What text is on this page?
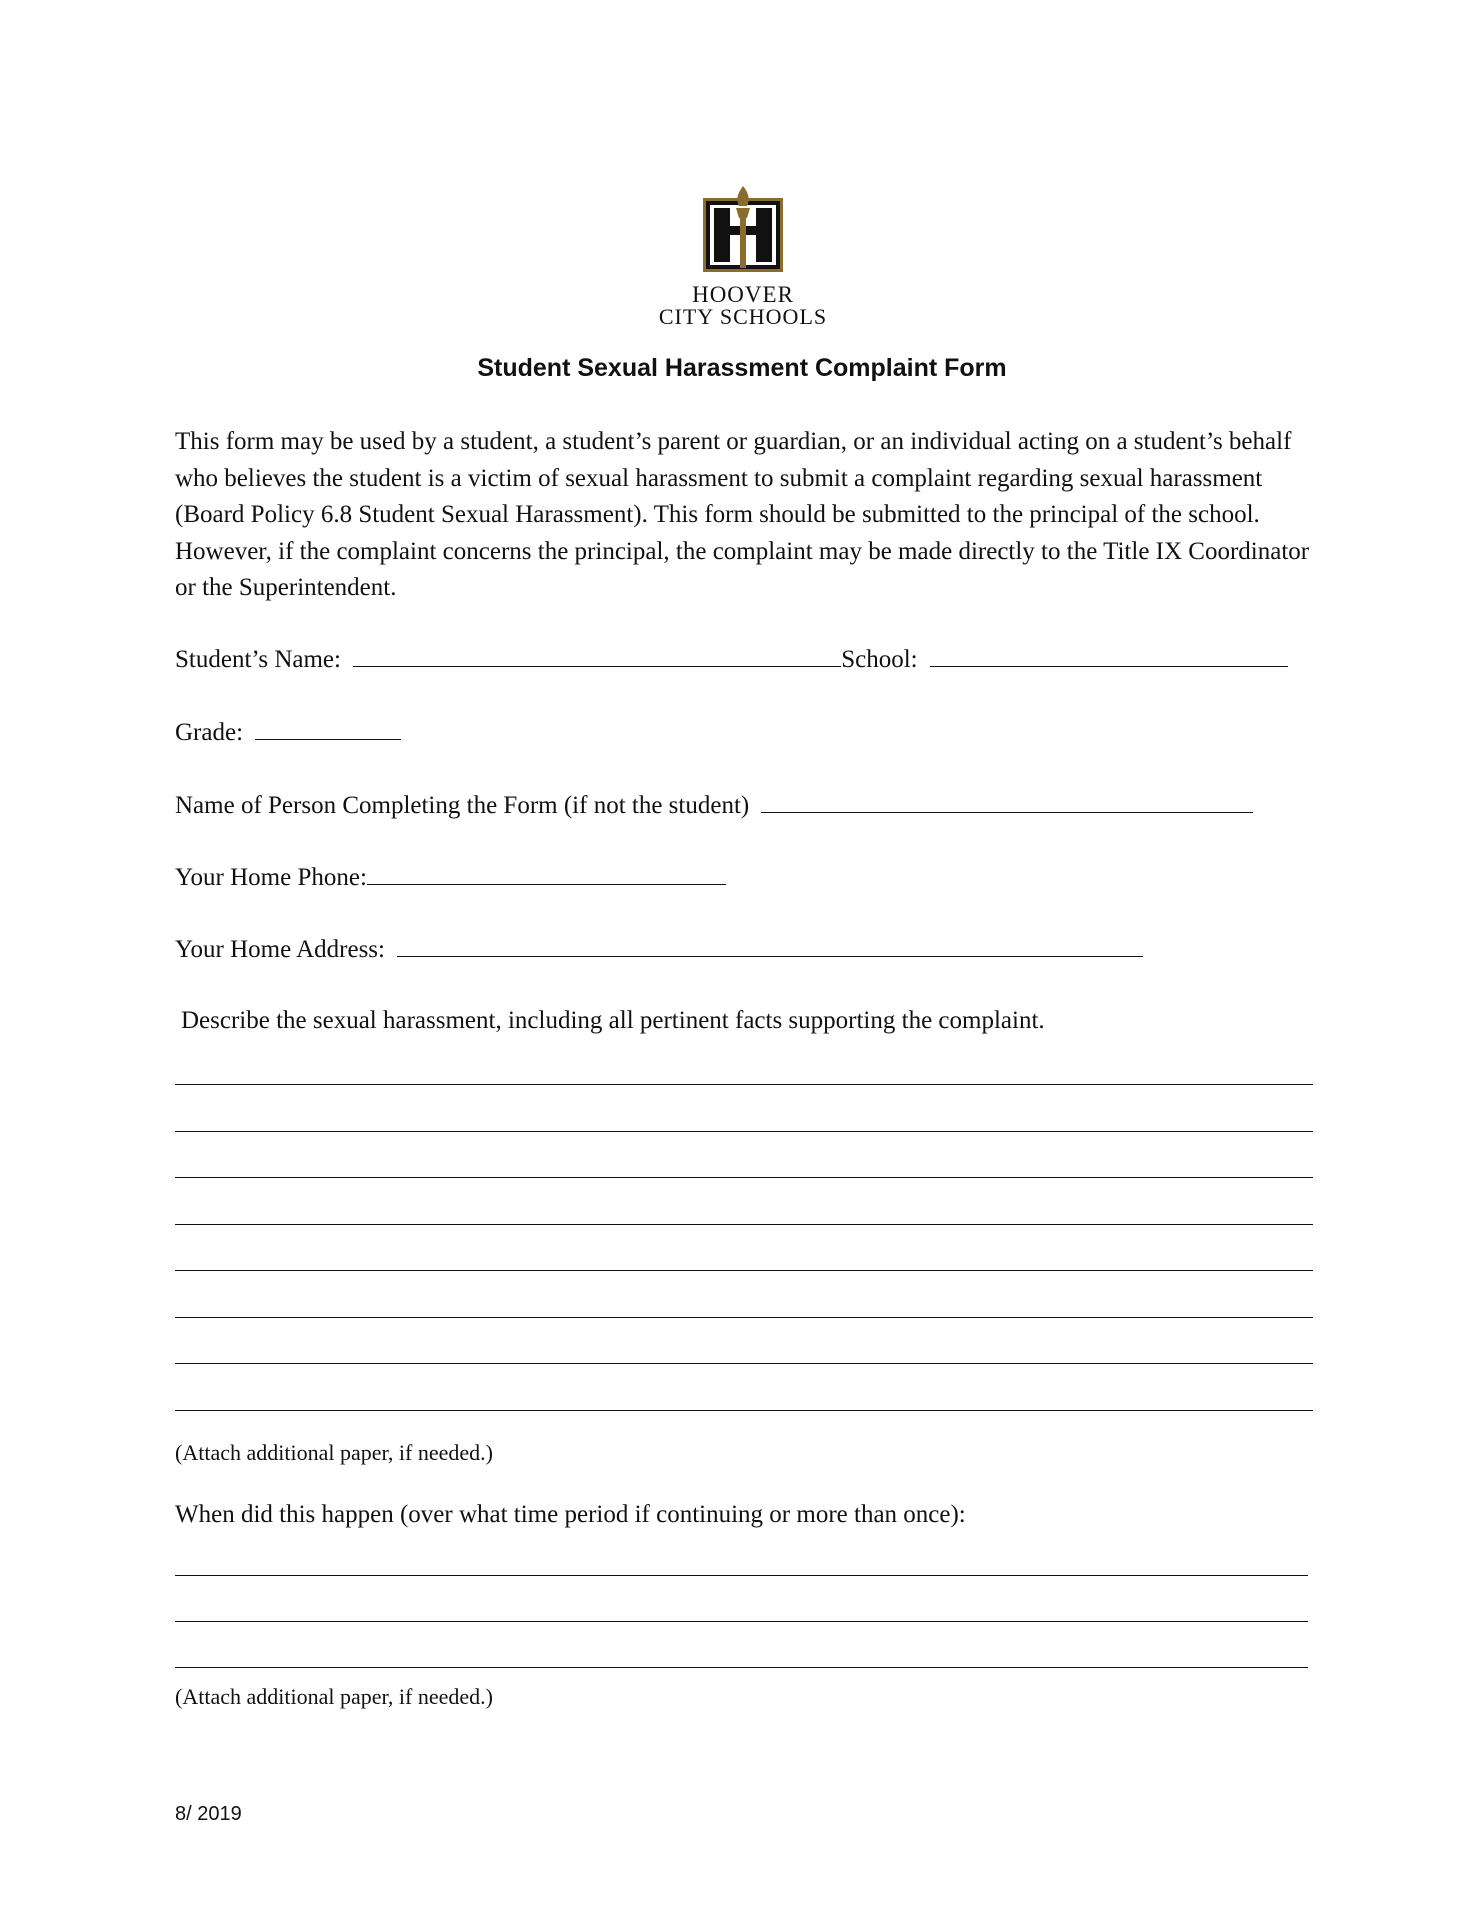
HOOVER
CITY SCHOOLS
Student Sexual Harassment Complaint Form
This form may be used by a student, a student’s parent or guardian, or an individual acting on a student’s behalf who believes the student is a victim of sexual harassment to submit a complaint regarding sexual harassment (Board Policy 6.8 Student Sexual Harassment). This form should be submitted to the principal of the school. However, if the complaint concerns the principal, the complaint may be made directly to the Title IX Coordinator or the Superintendent.
Student’s Name:	School:
Grade:
Name of Person Completing the Form (if not the student)
Your Home Phone:
Your Home Address:
Describe the sexual harassment, including all pertinent facts supporting the complaint.
(Attach additional paper, if needed.)
When did this happen (over what time period if continuing or more than once):
(Attach additional paper, if needed.)
8/ 2019
